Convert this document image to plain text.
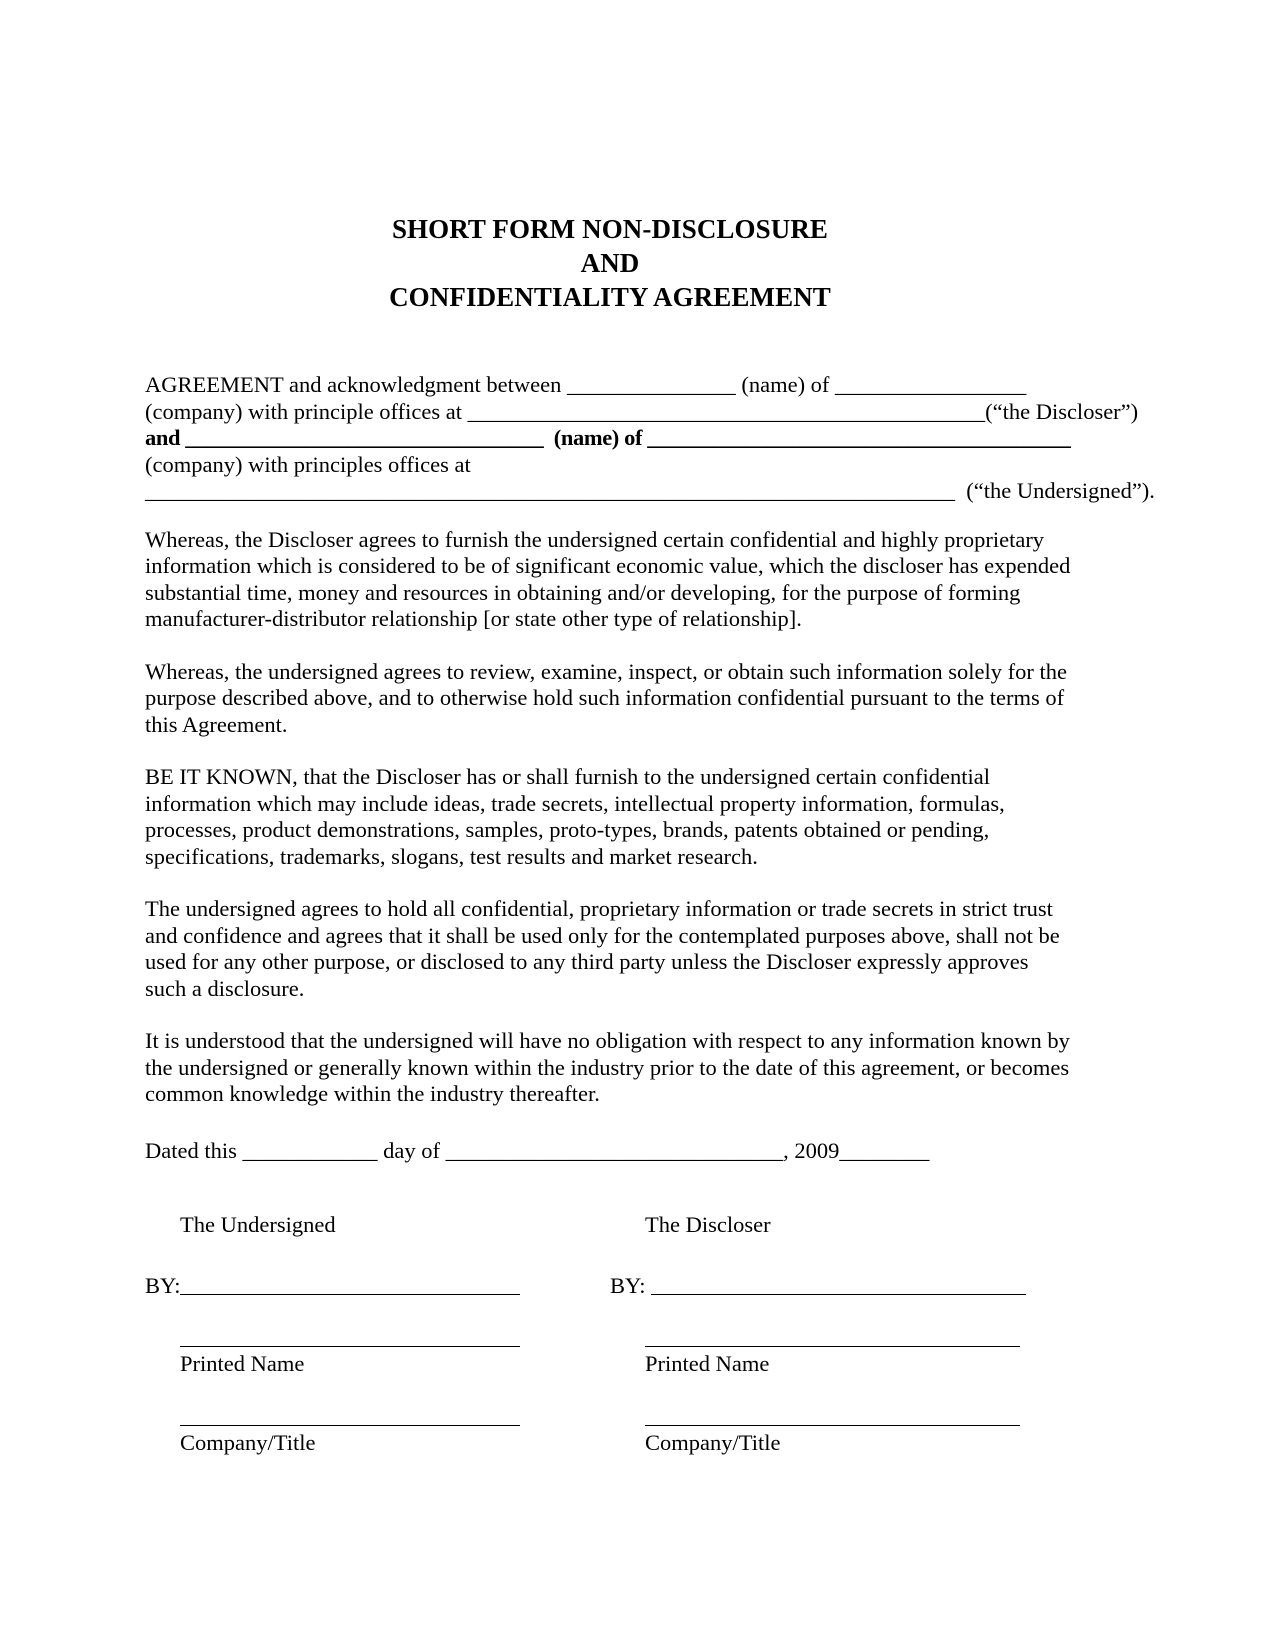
SHORT FORM NON-DISCLOSURE
AND
CONFIDENTIALITY AGREEMENT
AGREEMENT and acknowledgment between _______________ (name) of _________________
(company) with principle offices at ______________________________________________(“the Discloser”)
and _________________________________  (name) of _______________________________________
(company) with principles offices at
________________________________________________________________________  (“the Undersigned”).

Whereas, the Discloser agrees to furnish the undersigned certain confidential and highly proprietary information which is considered to be of significant economic value, which the discloser has expended substantial time, money and resources in obtaining and/or developing, for the purpose of forming manufacturer-distributor relationship [or state other type of relationship].

Whereas, the undersigned agrees to review, examine, inspect, or obtain such information solely for the purpose described above, and to otherwise hold such information confidential pursuant to the terms of this Agreement.

BE IT KNOWN, that the Discloser has or shall furnish to the undersigned certain confidential information which may include ideas, trade secrets, intellectual property information, formulas, processes, product demonstrations, samples, proto-types, brands, patents obtained or pending, specifications, trademarks, slogans, test results and market research.

The undersigned agrees to hold all confidential, proprietary information or trade secrets in strict trust and confidence and agrees that it shall be used only for the contemplated purposes above, shall not be used for any other purpose, or disclosed to any third party unless the Discloser expressly approves such a disclosure.

It is understood that the undersigned will have no obligation with respect to any information known by the undersigned or generally known within the industry prior to the date of this agreement, or becomes common knowledge within the industry thereafter.

Dated this ____________ day of ______________________________, 2009________
The Undersigned	The Discloser
BY:	BY:
Printed Name	Printed Name
Company/Title	Company/Title
